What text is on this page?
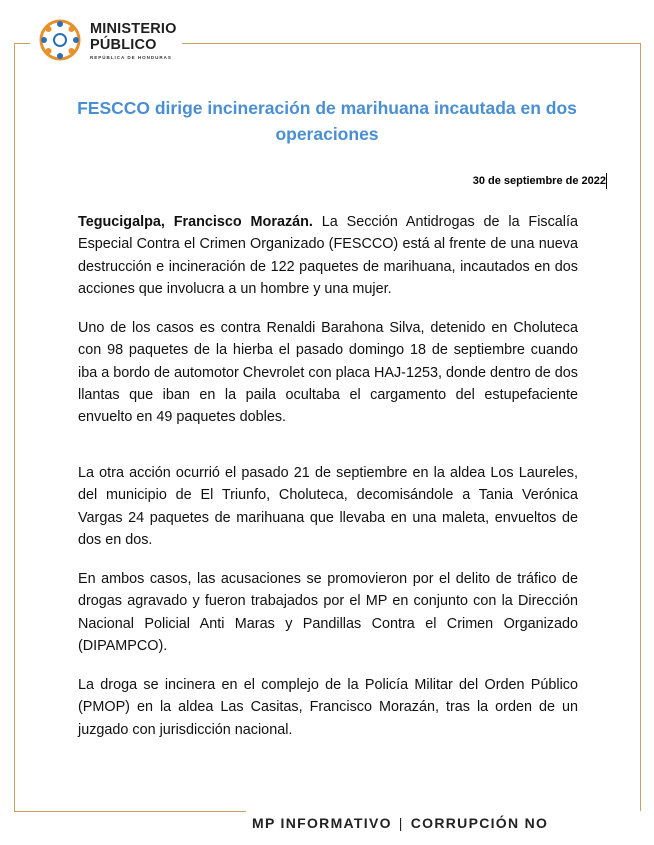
MINISTERIO
PÚBLICO
REPÚBLICA DE HONDURAS
FESCCO dirige incineración de marihuana incautada en dos operaciones
30 de septiembre de 2022
Tegucigalpa, Francisco Morazán. La Sección Antidrogas de la Fiscalía Especial Contra el Crimen Organizado (FESCCO) está al frente de una nueva destrucción e incineración de 122 paquetes de marihuana, incautados en dos acciones que involucra a un hombre y una mujer.
Uno de los casos es contra Renaldi Barahona Silva, detenido en Choluteca con 98 paquetes de la hierba el pasado domingo 18 de septiembre cuando iba a bordo de automotor Chevrolet con placa HAJ-1253, donde dentro de dos llantas que iban en la paila ocultaba el cargamento del estupefaciente envuelto en 49 paquetes dobles.
La otra acción ocurrió el pasado 21 de septiembre en la aldea Los Laureles, del municipio de El Triunfo, Choluteca, decomisándole a Tania Verónica Vargas 24 paquetes de marihuana que llevaba en una maleta, envueltos de dos en dos.
En ambos casos, las acusaciones se promovieron por el delito de tráfico de drogas agravado y fueron trabajados por el MP en conjunto con la Dirección Nacional Policial Anti Maras y Pandillas Contra el Crimen Organizado (DIPAMPCO).
La droga se incinera en el complejo de la Policía Militar del Orden Público (PMOP) en la aldea Las Casitas, Francisco Morazán, tras la orden de un juzgado con jurisdicción nacional.
MP INFORMATIVO | CORRUPCIÓN NO
